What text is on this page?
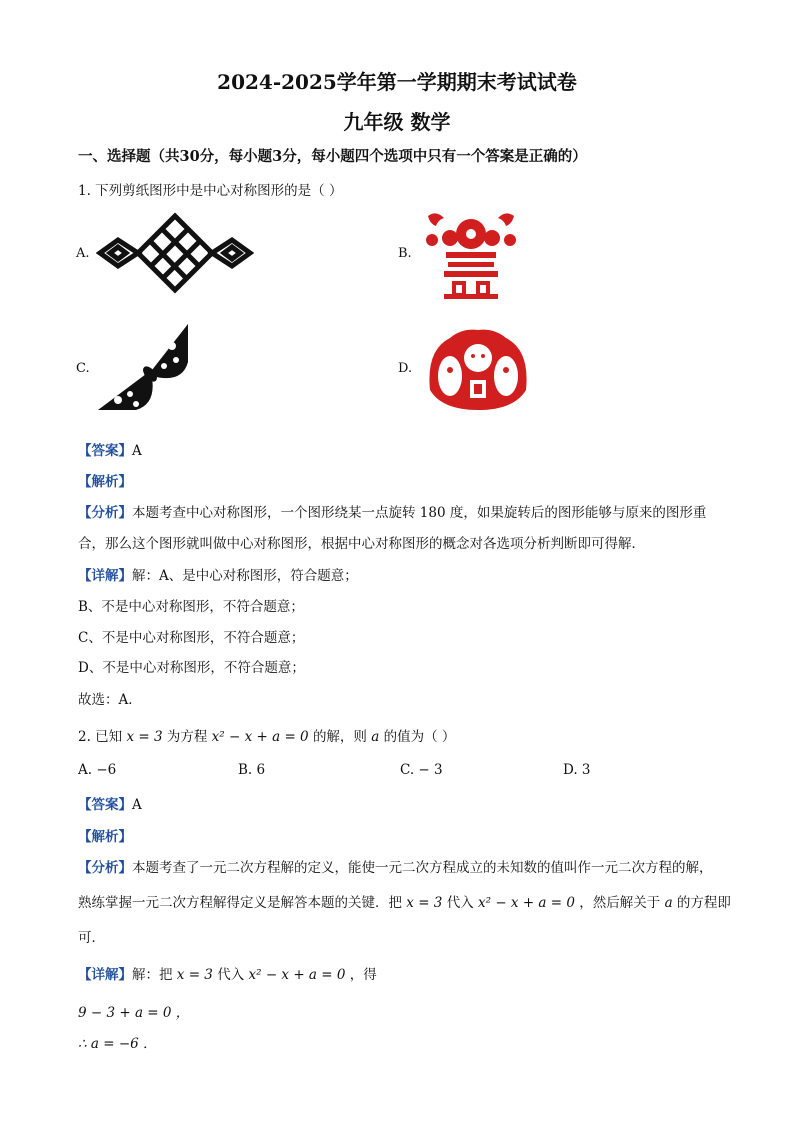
2024-2025学年第一学期期末考试试卷
九年级 数学
一、选择题（共30分，每小题3分，每小题四个选项中只有一个答案是正确的）
1. 下列剪纸图形中是中心对称图形的是（ ）
A.	B.
C.	D.
【答案】A
【解析】
【分析】本题考查中心对称图形，一个图形绕某一点旋转 180 度，如果旋转后的图形能够与原来的图形重
合，那么这个图形就叫做中心对称图形，根据中心对称图形的概念对各选项分析判断即可得解．
【详解】解：A、是中心对称图形，符合题意；
B、不是中心对称图形，不符合题意；
C、不是中心对称图形，不符合题意；
D、不是中心对称图形，不符合题意；
故选：A．
2. 已知 x = 3 为方程 x² − x + a = 0 的解，则 a 的值为（ ）
A. −6	B. 6	C. − 3	D. 3
【答案】A
【解析】
【分析】本题考查了一元二次方程解的定义，能使一元二次方程成立的未知数的值叫作一元二次方程的解，
熟练掌握一元二次方程解得定义是解答本题的关键．把 x = 3 代入 x² − x + a = 0 ，然后解关于 a 的方程即
可．
【详解】解：把 x = 3 代入 x² − x + a = 0 ，得
9 − 3 + a = 0 ，
∴ a = −6 ．
